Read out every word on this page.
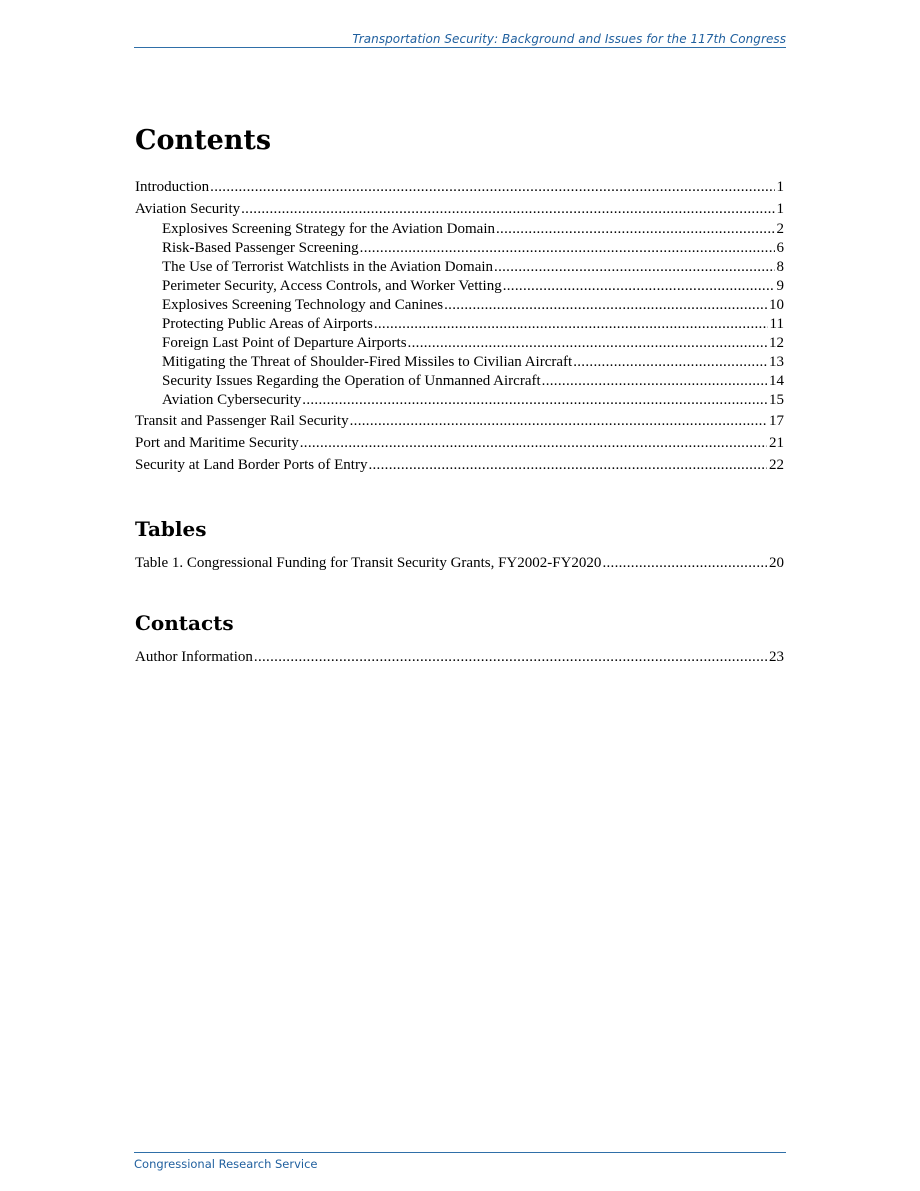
Transportation Security: Background and Issues for the 117th Congress
Contents
Introduction .....	1
Aviation Security .....	1
Explosives Screening Strategy for the Aviation Domain .....	2
Risk-Based Passenger Screening .....	6
The Use of Terrorist Watchlists in the Aviation Domain .....	8
Perimeter Security, Access Controls, and Worker Vetting .....	9
Explosives Screening Technology and Canines .....	10
Protecting Public Areas of Airports .....	11
Foreign Last Point of Departure Airports .....	12
Mitigating the Threat of Shoulder-Fired Missiles to Civilian Aircraft .....	13
Security Issues Regarding the Operation of Unmanned Aircraft .....	14
Aviation Cybersecurity .....	15
Transit and Passenger Rail Security .....	17
Port and Maritime Security .....	21
Security at Land Border Ports of Entry .....	22
Tables
Table 1. Congressional Funding for Transit Security Grants, FY2002-FY2020 .....	20
Contacts
Author Information .....	23
Congressional Research Service
